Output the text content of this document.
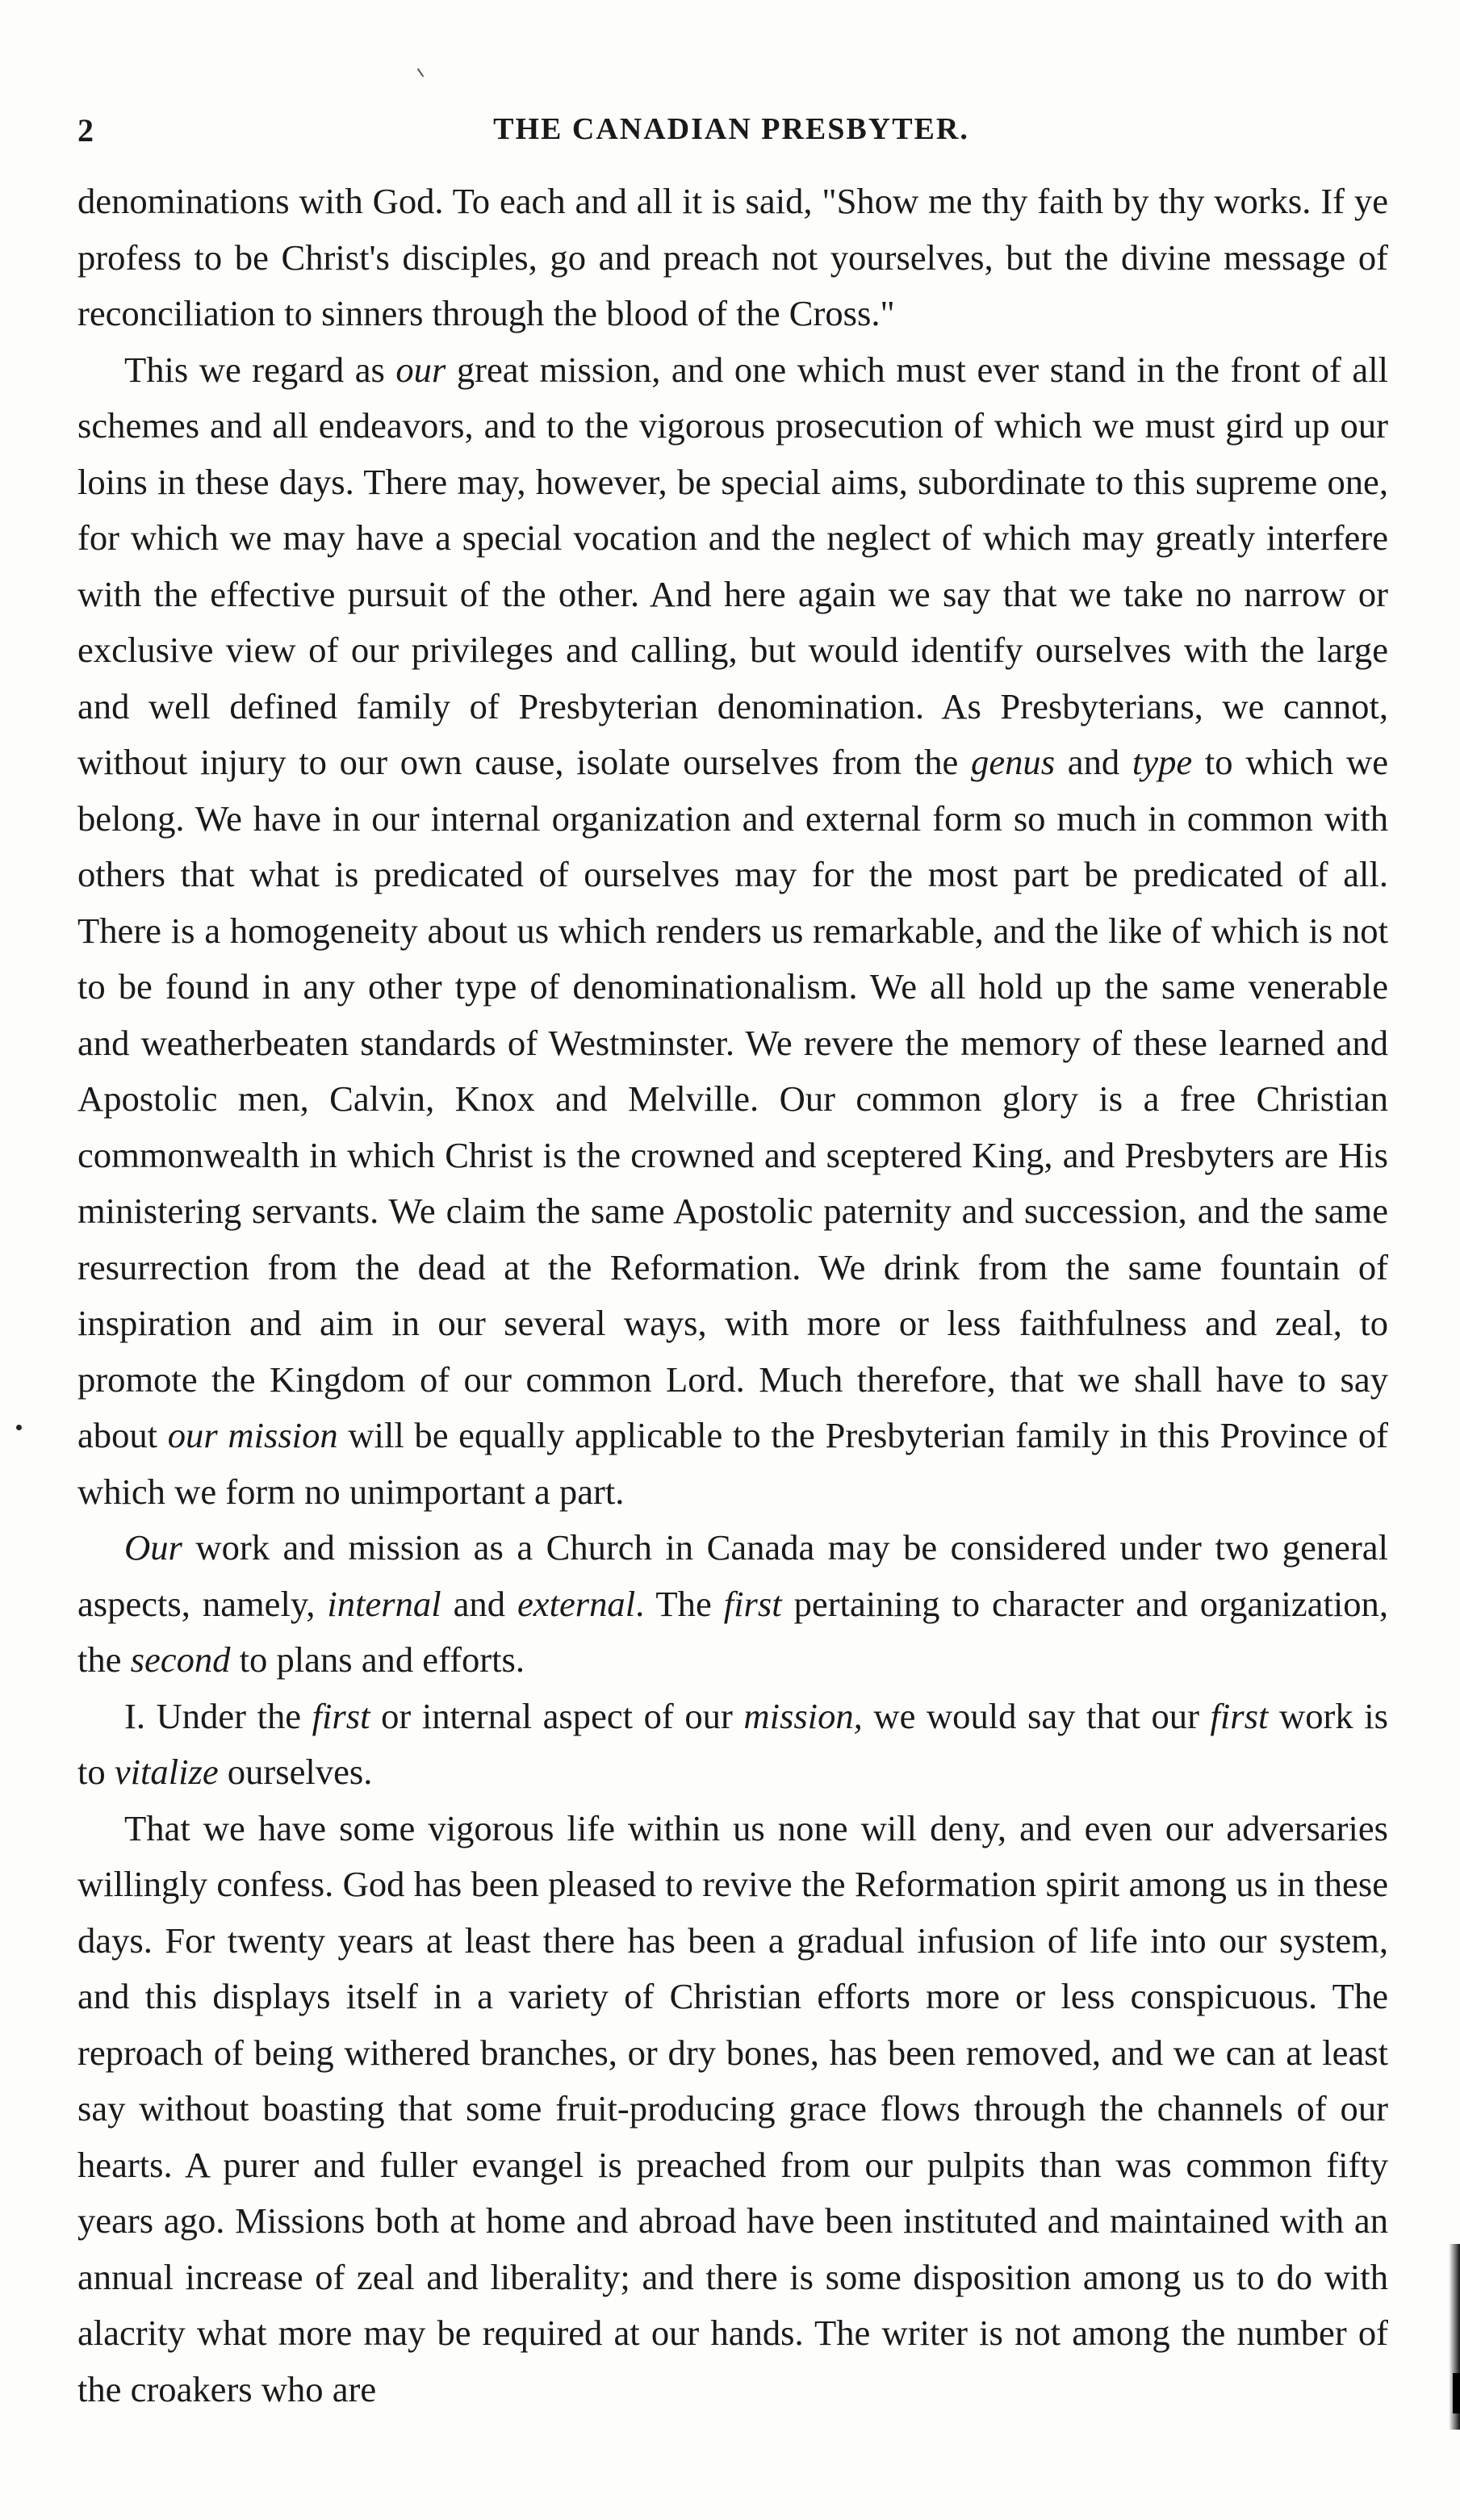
2	THE CANADIAN PRESBYTER.

denominations with God. To each and all it is said, "Show me thy faith by thy works. If ye profess to be Christ's disciples, go and preach not yourselves, but the divine message of reconciliation to sinners through the blood of the Cross."

This we regard as our great mission, and one which must ever stand in the front of all schemes and all endeavors, and to the vigorous prosecution of which we must gird up our loins in these days. There may, however, be special aims, subordinate to this supreme one, for which we may have a special vocation and the neglect of which may greatly interfere with the effective pursuit of the other. And here again we say that we take no narrow or exclusive view of our privileges and calling, but would identify ourselves with the large and well defined family of Presbyterian denomination. As Presbyterians, we cannot, without injury to our own cause, isolate ourselves from the genus and type to which we belong. We have in our internal organization and external form so much in common with others that what is predicated of ourselves may for the most part be predicated of all. There is a homogeneity about us which renders us remarkable, and the like of which is not to be found in any other type of denominationalism. We all hold up the same venerable and weatherbeaten standards of Westminster. We revere the memory of these learned and Apostolic men, Calvin, Knox and Melville. Our common glory is a free Christian commonwealth in which Christ is the crowned and sceptered King, and Presbyters are His ministering servants. We claim the same Apostolic paternity and succession, and the same resurrection from the dead at the Reformation. We drink from the same fountain of inspiration and aim in our several ways, with more or less faithfulness and zeal, to promote the Kingdom of our common Lord. Much therefore, that we shall have to say about our mission will be equally applicable to the Presbyterian family in this Province of which we form no unimportant a part.

Our work and mission as a Church in Canada may be considered under two general aspects, namely, internal and external. The first pertaining to character and organization, the second to plans and efforts.

I. Under the first or internal aspect of our mission, we would say that our first work is to vitalize ourselves.

That we have some vigorous life within us none will deny, and even our adversaries willingly confess. God has been pleased to revive the Reformation spirit among us in these days. For twenty years at least there has been a gradual infusion of life into our system, and this displays itself in a variety of Christian efforts more or less conspicuous. The reproach of being withered branches, or dry bones, has been removed, and we can at least say without boasting that some fruit-producing grace flows through the channels of our hearts. A purer and fuller evangel is preached from our pulpits than was common fifty years ago. Missions both at home and abroad have been instituted and maintained with an annual increase of zeal and liberality; and there is some disposition among us to do with alacrity what more may be required at our hands. The writer is not among the number of the croakers who are
